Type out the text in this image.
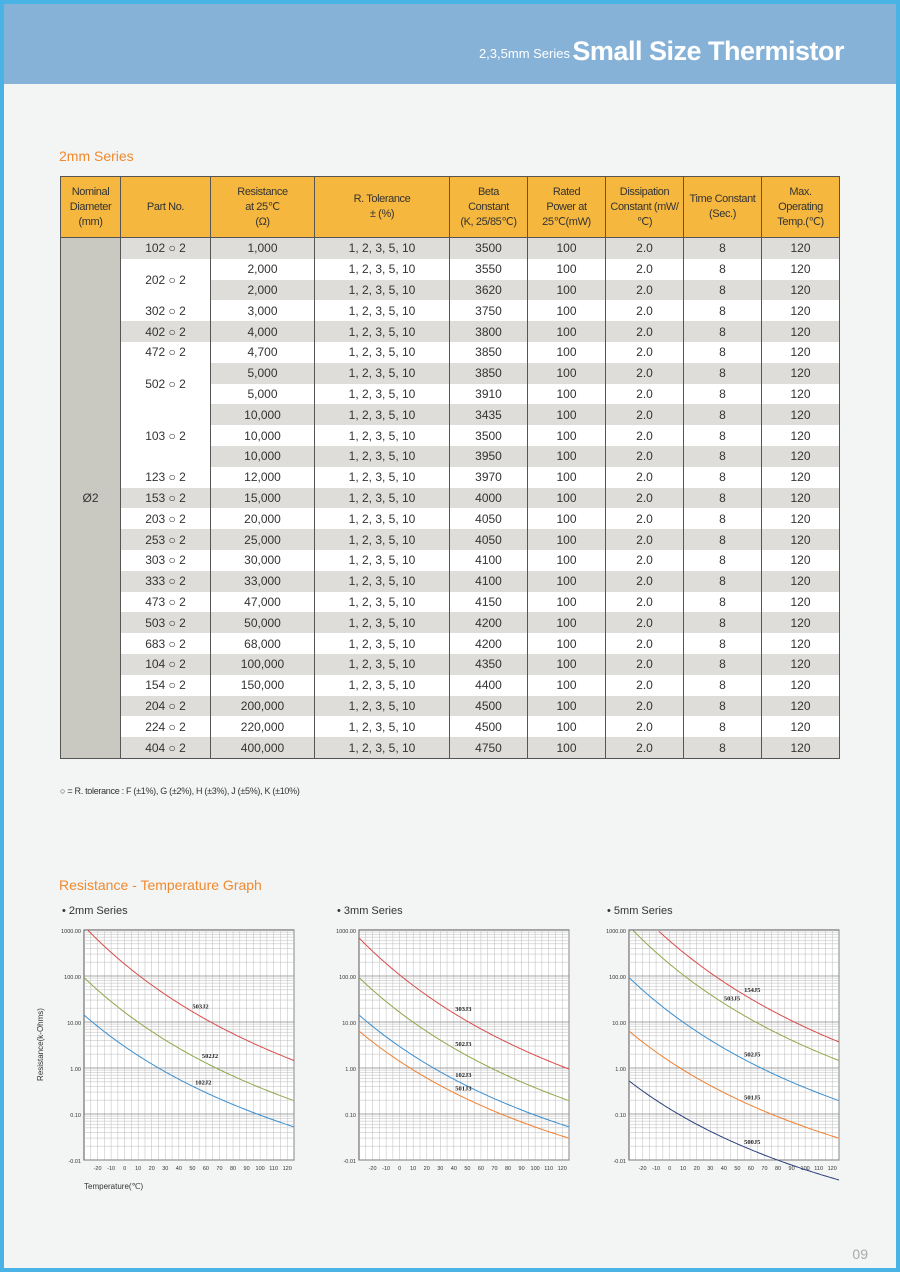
2,3,5mm Series Small Size Thermistor
2mm Series
Nominal
Diameter
(mm)	Part No.	Resistance
at 25℃
(Ω)	R. Tolerance
± (%)	Beta
Constant
(K, 25/85℃)	Rated
Power at
25℃(mW)	Dissipation
Constant (mW/℃)	Time Constant
(Sec.)	Max.
Operating
Temp.(℃)
Ø2	102 ○ 2	1,000	1, 2, 3, 5, 10	3500	100	2.0	8	120
	202 ○ 2	2,000	1, 2, 3, 5, 10	3550	100	2.0	8	120
		2,000	1, 2, 3, 5, 10	3620	100	2.0	8	120
	302 ○ 2	3,000	1, 2, 3, 5, 10	3750	100	2.0	8	120
	402 ○ 2	4,000	1, 2, 3, 5, 10	3800	100	2.0	8	120
	472 ○ 2	4,700	1, 2, 3, 5, 10	3850	100	2.0	8	120
	502 ○ 2	5,000	1, 2, 3, 5, 10	3850	100	2.0	8	120
		5,000	1, 2, 3, 5, 10	3910	100	2.0	8	120
	103 ○ 2	10,000	1, 2, 3, 5, 10	3435	100	2.0	8	120
		10,000	1, 2, 3, 5, 10	3500	100	2.0	8	120
		10,000	1, 2, 3, 5, 10	3950	100	2.0	8	120
	123 ○ 2	12,000	1, 2, 3, 5, 10	3970	100	2.0	8	120
	153 ○ 2	15,000	1, 2, 3, 5, 10	4000	100	2.0	8	120
	203 ○ 2	20,000	1, 2, 3, 5, 10	4050	100	2.0	8	120
	253 ○ 2	25,000	1, 2, 3, 5, 10	4050	100	2.0	8	120
	303 ○ 2	30,000	1, 2, 3, 5, 10	4100	100	2.0	8	120
	333 ○ 2	33,000	1, 2, 3, 5, 10	4100	100	2.0	8	120
	473 ○ 2	47,000	1, 2, 3, 5, 10	4150	100	2.0	8	120
	503 ○ 2	50,000	1, 2, 3, 5, 10	4200	100	2.0	8	120
	683 ○ 2	68,000	1, 2, 3, 5, 10	4200	100	2.0	8	120
	104 ○ 2	100,000	1, 2, 3, 5, 10	4350	100	2.0	8	120
	154 ○ 2	150,000	1, 2, 3, 5, 10	4400	100	2.0	8	120
	204 ○ 2	200,000	1, 2, 3, 5, 10	4500	100	2.0	8	120
	224 ○ 2	220,000	1, 2, 3, 5, 10	4500	100	2.0	8	120
	404 ○ 2	400,000	1, 2, 3, 5, 10	4750	100	2.0	8	120
○ = R. tolerance : F (±1%), G (±2%), H (±3%), J (±5%), K (±10%)
Resistance - Temperature Graph
• 2mm Series	• 3mm Series	• 5mm Series
1000.00
100.00
10.00
1.00
0.10
-0.01
-20 -10 0 10 20 30 40 50 60 70 80 90 100 110 120
503J2
502J2
102J2
1000.00
100.00
10.00
1.00
0.10
-0.01
-20 -10 0 10 20 30 40 50 60 70 80 90 100 110 120
303J3
502J3
102J3
501J3
1000.00
100.00
10.00
1.00
0.10
-0.01
-20 -10 0 10 20 30 40 50 60 70 80 90 100 110 120
154J5
503J5
502J5
501J5
500J5
Resistance(k-Ohms)
Temperature(℃)
09
